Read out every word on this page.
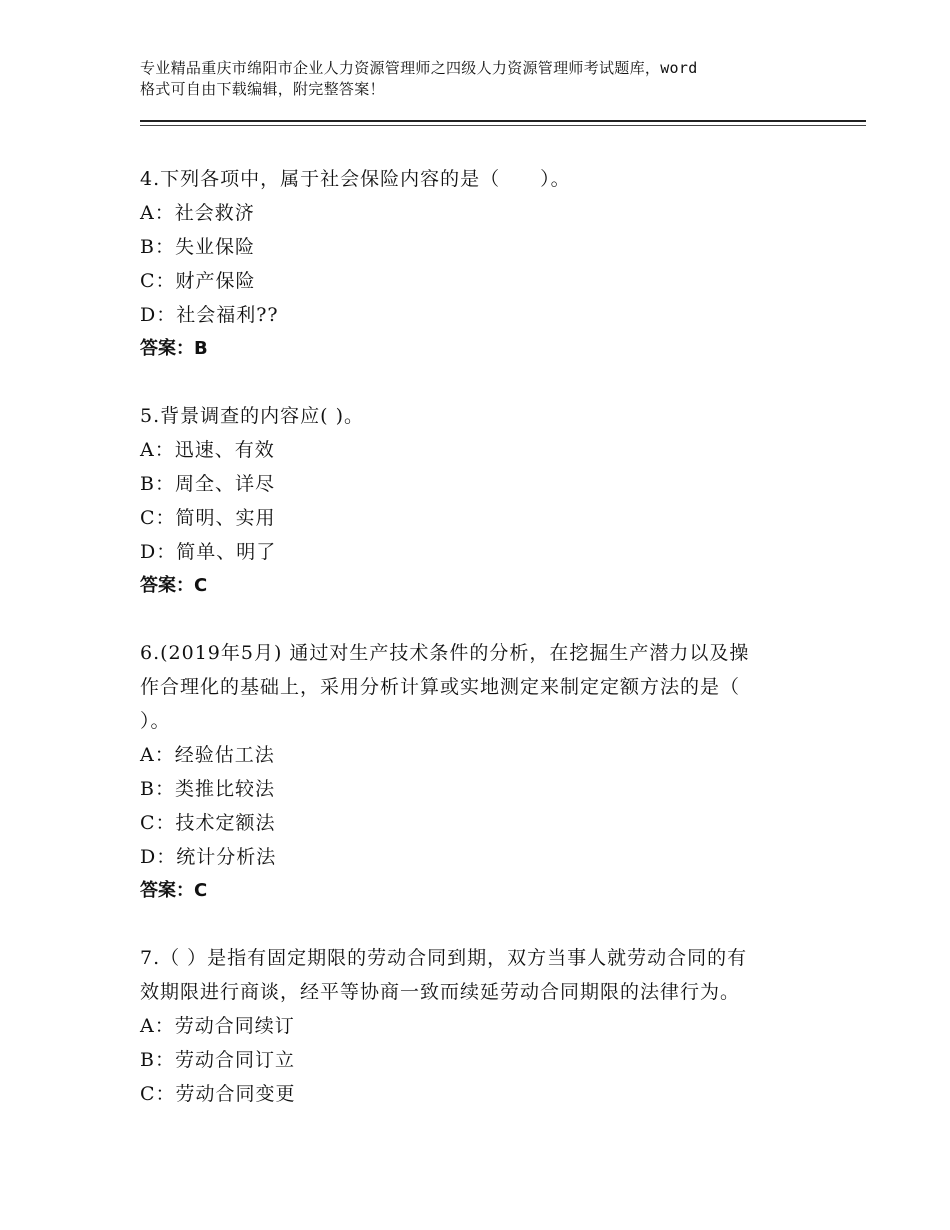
专业精品重庆市绵阳市企业人力资源管理师之四级人力资源管理师考试题库，word
格式可自由下载编辑，附完整答案！
4.下列各项中，属于社会保险内容的是（　　）。
A：社会救济
B：失业保险
C：财产保险
D：社会福利??
答案：B
5.背景调查的内容应( )。
A：迅速、有效
B：周全、详尽
C：简明、实用
D：简单、明了
答案：C
6.(2019年5月) 通过对生产技术条件的分析，在挖掘生产潜力以及操
作合理化的基础上，采用分析计算或实地测定来制定定额方法的是（
）。
A：经验估工法
B：类推比较法
C：技术定额法
D：统计分析法
答案：C
7.（ ）是指有固定期限的劳动合同到期，双方当事人就劳动合同的有
效期限进行商谈，经平等协商一致而续延劳动合同期限的法律行为。
A：劳动合同续订
B：劳动合同订立
C：劳动合同变更
